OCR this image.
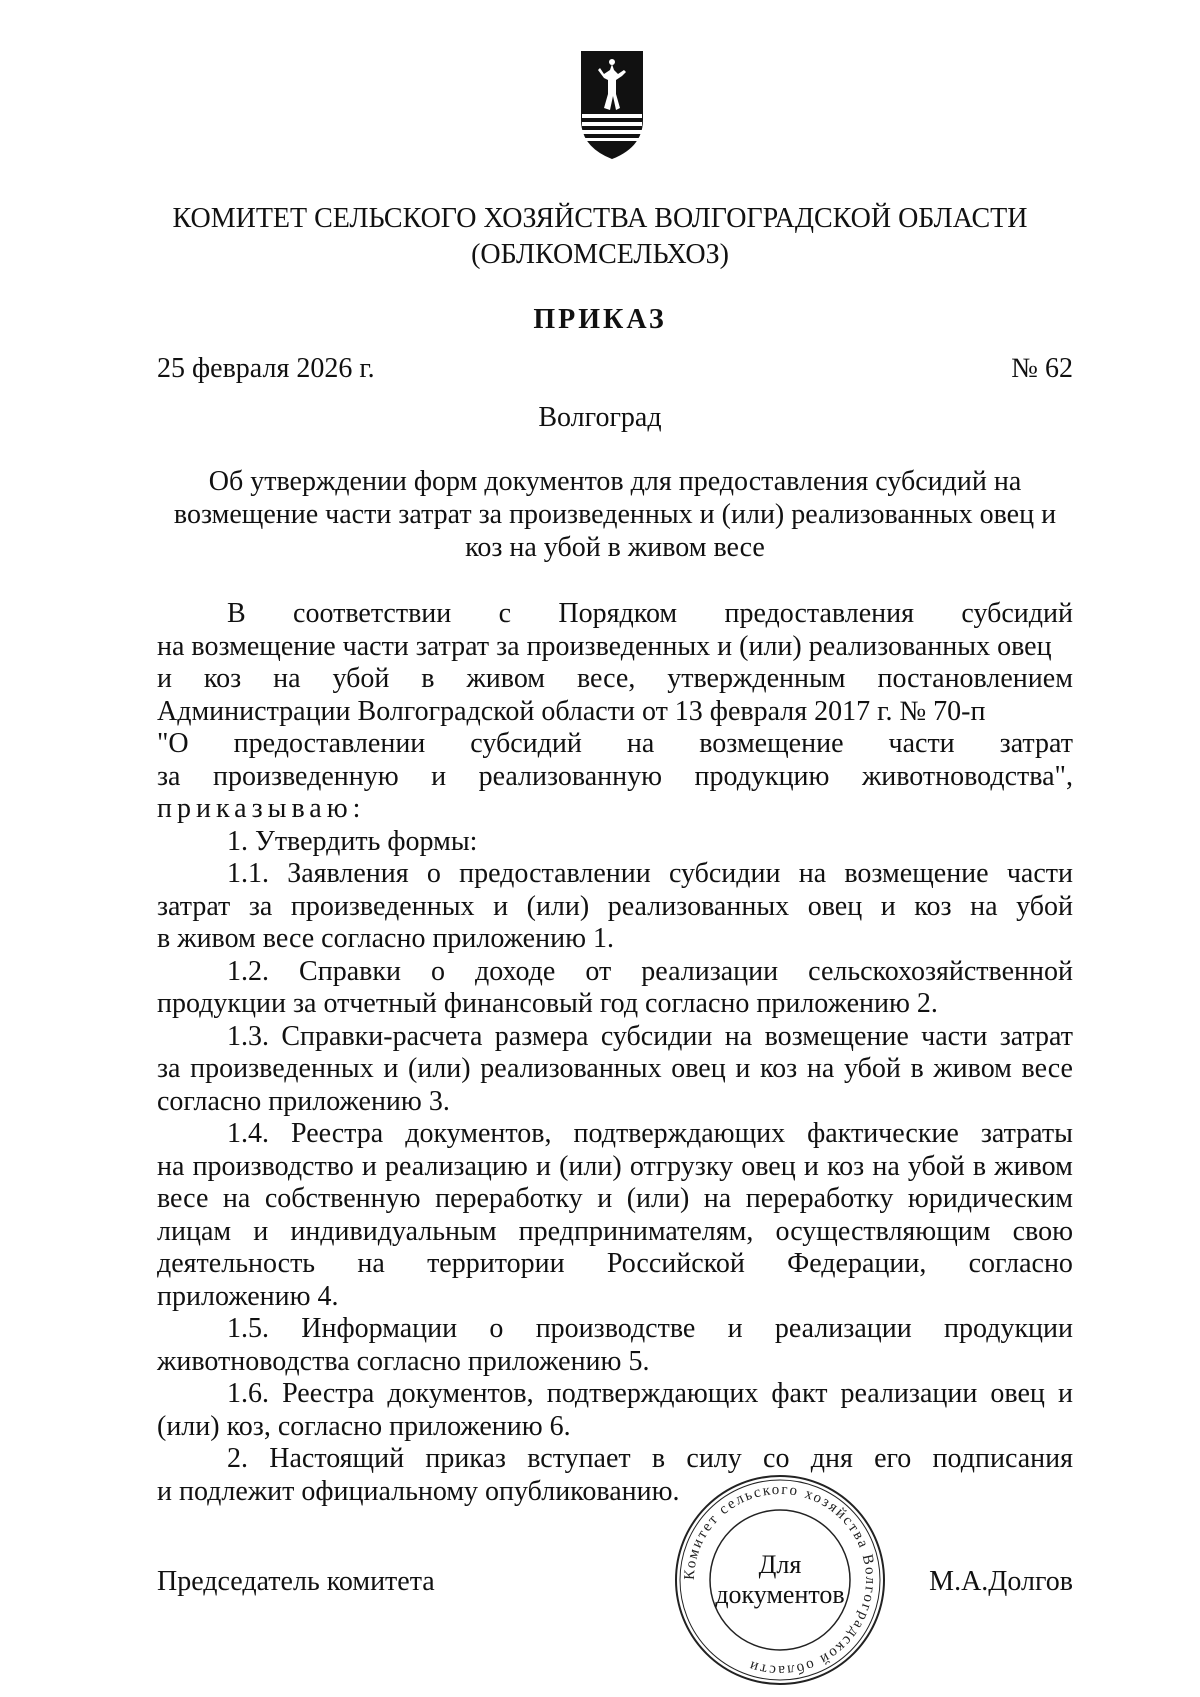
КОМИТЕТ СЕЛЬСКОГО ХОЗЯЙСТВА ВОЛГОГРАДСКОЙ ОБЛАСТИ
(ОБЛКОМСЕЛЬХОЗ)
ПРИКАЗ
25 февраля 2026 г.	№ 62
Волгоград
Об утверждении форм документов для предоставления субсидий на
возмещение части затрат за произведенных и (или) реализованных овец и
коз на убой в живом весе
В соответствии с Порядком предоставления субсидий
на возмещение части затрат за произведенных и (или) реализованных овец
и коз на убой в живом весе, утвержденным постановлением
Администрации Волгоградской области от 13 февраля 2017 г. № 70-п
"О предоставлении субсидий на возмещение части затрат
за произведенную и реализованную продукцию животноводства",
приказываю:
1. Утвердить формы:
1.1. Заявления о предоставлении субсидии на возмещение части
затрат за произведенных и (или) реализованных овец и коз на убой
в живом весе согласно приложению 1.
1.2. Справки о доходе от реализации сельскохозяйственной
продукции за отчетный финансовый год согласно приложению 2.
1.3. Справки-расчета размера субсидии на возмещение части затрат
за произведенных и (или) реализованных овец и коз на убой в живом весе
согласно приложению 3.
1.4. Реестра документов, подтверждающих фактические затраты
на производство и реализацию и (или) отгрузку овец и коз на убой в живом
весе на собственную переработку и (или) на переработку юридическим
лицам и индивидуальным предпринимателям, осуществляющим свою
деятельность на территории Российской Федерации, согласно
приложению 4.
1.5. Информации о производстве и реализации продукции
животноводства согласно приложению 5.
1.6. Реестра документов, подтверждающих факт реализации овец и
(или) коз, согласно приложению 6.
2. Настоящий приказ вступает в силу со дня его подписания
и подлежит официальному опубликованию.
Председатель комитета	М.А.Долгов
Комитет сельского хозяйства Волгоградской области
Для
документов
